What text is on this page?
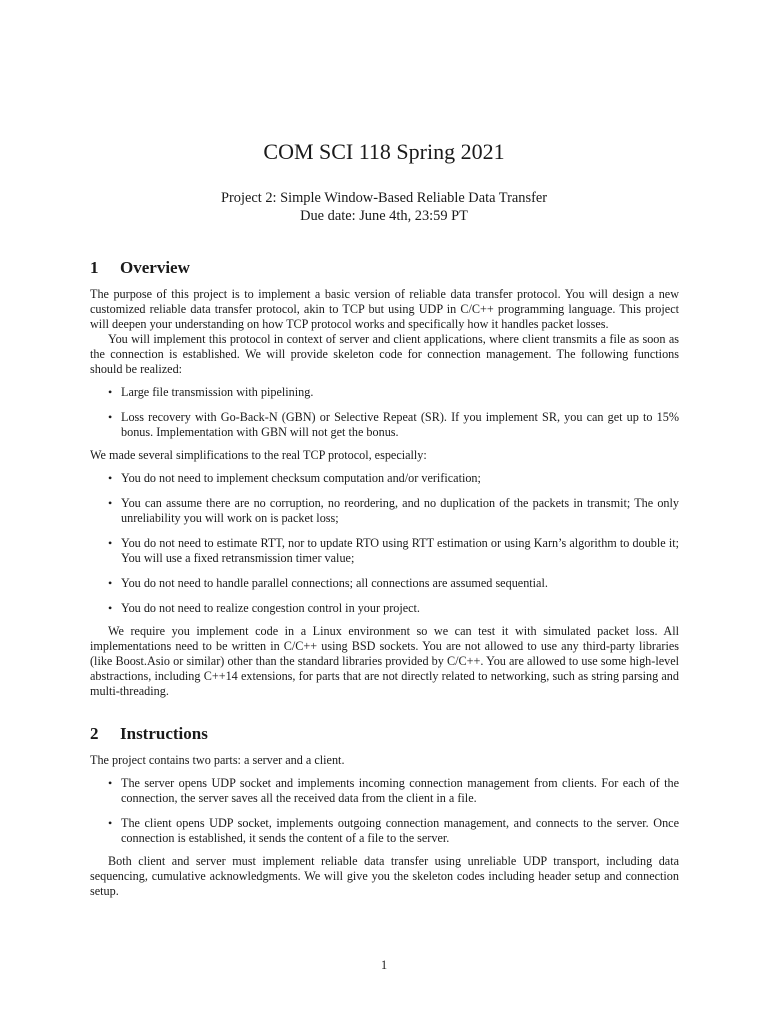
COM SCI 118 Spring 2021
Project 2: Simple Window-Based Reliable Data Transfer
Due date: June 4th, 23:59 PT
1	Overview

The purpose of this project is to implement a basic version of reliable data transfer protocol. You will design a new customized reliable data transfer protocol, akin to TCP but using UDP in C/C++ programming language. This project will deepen your understanding on how TCP protocol works and specifically how it handles packet losses.

You will implement this protocol in context of server and client applications, where client transmits a file as soon as the connection is established. We will provide skeleton code for connection management. The following functions should be realized:

• Large file transmission with pipelining.
• Loss recovery with Go-Back-N (GBN) or Selective Repeat (SR). If you implement SR, you can get up to 15% bonus. Implementation with GBN will not get the bonus.

We made several simplifications to the real TCP protocol, especially:

• You do not need to implement checksum computation and/or verification;
• You can assume there are no corruption, no reordering, and no duplication of the packets in transmit; The only unreliability you will work on is packet loss;
• You do not need to estimate RTT, nor to update RTO using RTT estimation or using Karn’s algorithm to double it; You will use a fixed retransmission timer value;
• You do not need to handle parallel connections; all connections are assumed sequential.
• You do not need to realize congestion control in your project.

We require you implement code in a Linux environment so we can test it with simulated packet loss. All implementations need to be written in C/C++ using BSD sockets. You are not allowed to use any third-party libraries (like Boost.Asio or similar) other than the standard libraries provided by C/C++. You are allowed to use some high-level abstractions, including C++14 extensions, for parts that are not directly related to networking, such as string parsing and multi-threading.

2	Instructions

The project contains two parts: a server and a client.

• The server opens UDP socket and implements incoming connection management from clients. For each of the connection, the server saves all the received data from the client in a file.
• The client opens UDP socket, implements outgoing connection management, and connects to the server. Once connection is established, it sends the content of a file to the server.

Both client and server must implement reliable data transfer using unreliable UDP transport, including data sequencing, cumulative acknowledgments. We will give you the skeleton codes including header setup and connection setup.

1
